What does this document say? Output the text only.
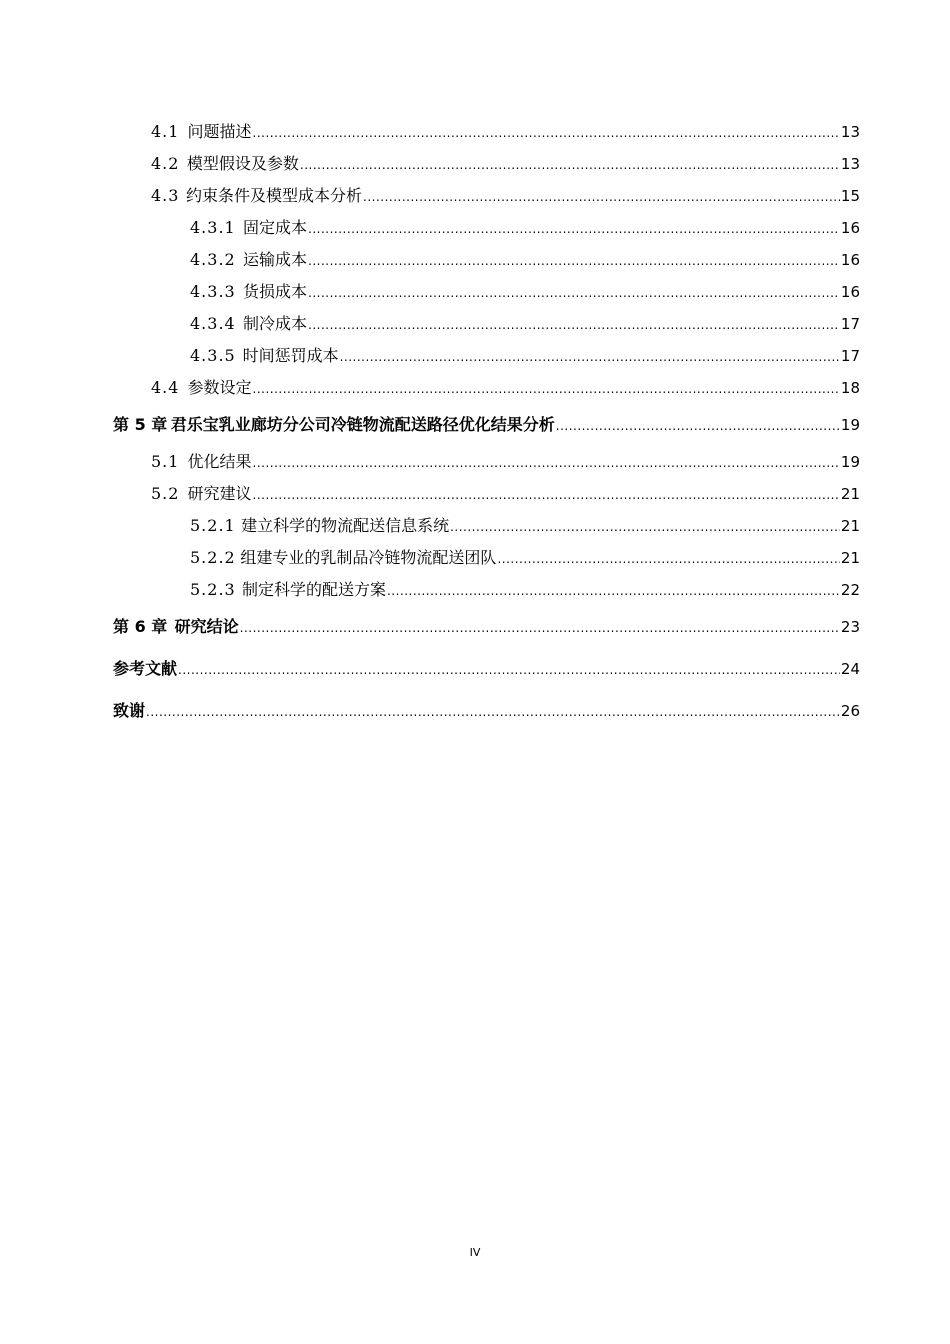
4.1 问题描述 .....	13
4.2 模型假设及参数 .....	13
4.3 约束条件及模型成本分析 .....	15
4.3.1 固定成本 .....	16
4.3.2 运输成本 .....	16
4.3.3 货损成本 .....	16
4.3.4 制冷成本 .....	17
4.3.5 时间惩罚成本 .....	17
4.4 参数设定 .....	18
第 5 章 君乐宝乳业廊坊分公司冷链物流配送路径优化结果分析 .....	19
5.1 优化结果 .....	19
5.2 研究建议 .....	21
5.2.1 建立科学的物流配送信息系统 .....	21
5.2.2 组建专业的乳制品冷链物流配送团队 .....	21
5.2.3 制定科学的配送方案 .....	22
第 6 章 研究结论 .....	23
参考文献 .....	24
致谢 .....	26
IV
